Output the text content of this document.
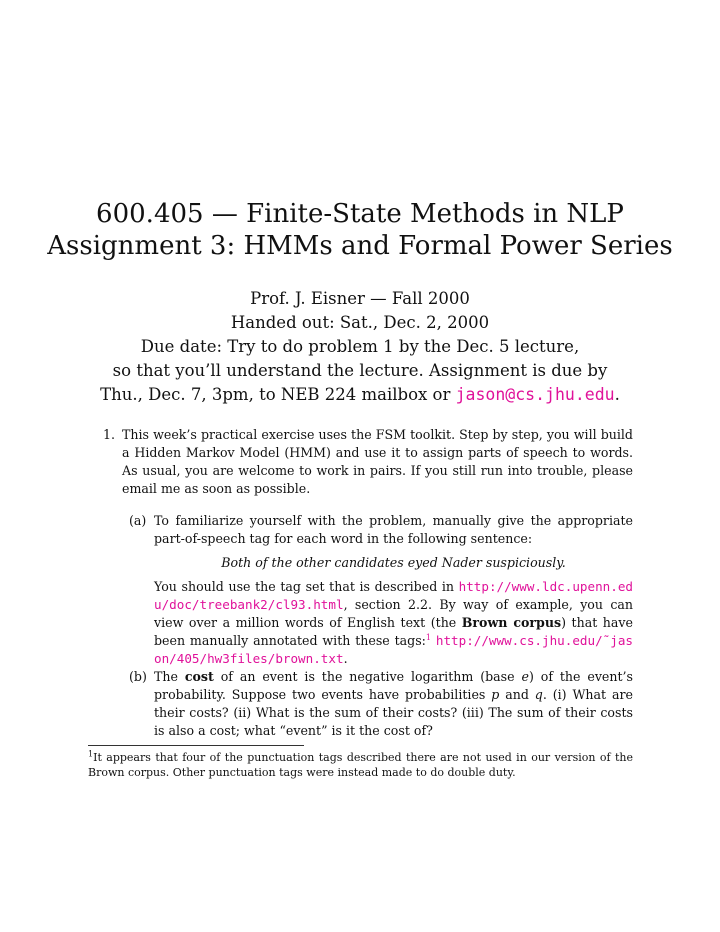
600.405 — Finite-State Methods in NLP
Assignment 3: HMMs and Formal Power Series
Prof. J. Eisner — Fall 2000
Handed out: Sat., Dec. 2, 2000
Due date: Try to do problem 1 by the Dec. 5 lecture,
so that you’ll understand the lecture. Assignment is due by
Thu., Dec. 7, 3pm, to NEB 224 mailbox or jason@cs.jhu.edu.
1. This week’s practical exercise uses the FSM toolkit. Step by step, you will build a Hidden Markov Model (HMM) and use it to assign parts of speech to words. As usual, you are welcome to work in pairs. If you still run into trouble, please email me as soon as possible.
(a) To familiarize yourself with the problem, manually give the appropriate part-of-speech tag for each word in the following sentence:
Both of the other candidates eyed Nader suspiciously.
You should use the tag set that is described in http://www.ldc.upenn.edu/doc/treebank2/cl93.html, section 2.2. By way of example, you can view over a million words of English text (the Brown corpus) that have been manually annotated with these tags:$^1$ http://www.cs.jhu.edu/˜jason/405/hw3files/brown.txt.
(b) The cost of an event is the negative logarithm (base e) of the event’s probability. Suppose two events have probabilities p and q. (i) What are their costs? (ii) What is the sum of their costs? (iii) The sum of their costs is also a cost; what “event” is it the cost of?
$^1$It appears that four of the punctuation tags described there are not used in our version of the Brown corpus. Other punctuation tags were instead made to do double duty.
